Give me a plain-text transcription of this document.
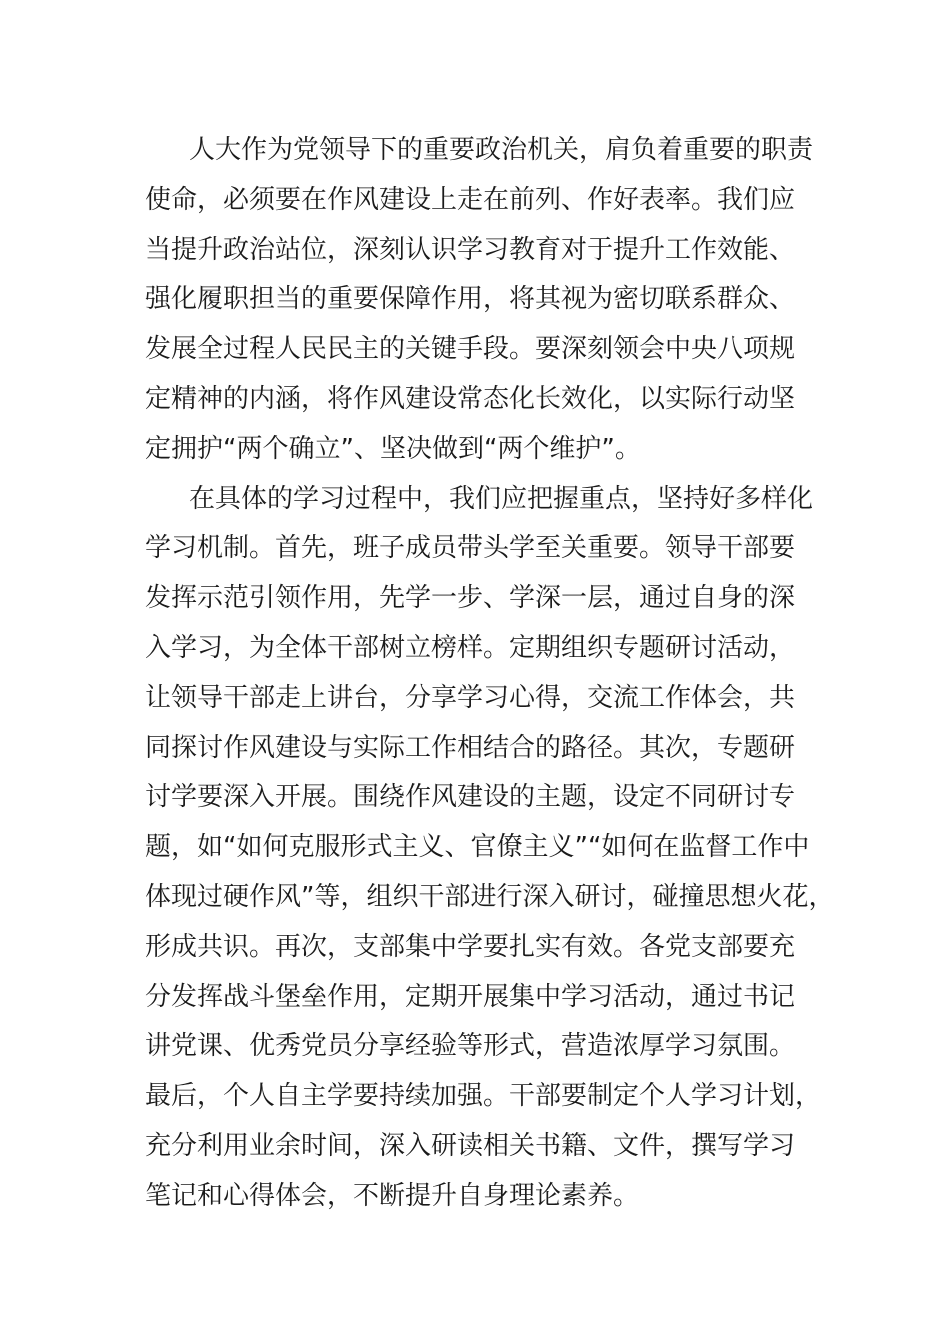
人大作为党领导下的重要政治机关，肩负着重要的职责
使命，必须要在作风建设上走在前列、作好表率。我们应
当提升政治站位，深刻认识学习教育对于提升工作效能、
强化履职担当的重要保障作用，将其视为密切联系群众、
发展全过程人民民主的关键手段。要深刻领会中央八项规
定精神的内涵，将作风建设常态化长效化，以实际行动坚
定拥护“两个确立”、坚决做到“两个维护”。
在具体的学习过程中，我们应把握重点，坚持好多样化
学习机制。首先，班子成员带头学至关重要。领导干部要
发挥示范引领作用，先学一步、学深一层，通过自身的深
入学习，为全体干部树立榜样。定期组织专题研讨活动，
让领导干部走上讲台，分享学习心得，交流工作体会，共
同探讨作风建设与实际工作相结合的路径。其次，专题研
讨学要深入开展。围绕作风建设的主题，设定不同研讨专
题，如“如何克服形式主义、官僚主义”“如何在监督工作中
体现过硬作风”等，组织干部进行深入研讨，碰撞思想火花，
形成共识。再次，支部集中学要扎实有效。各党支部要充
分发挥战斗堡垒作用，定期开展集中学习活动，通过书记
讲党课、优秀党员分享经验等形式，营造浓厚学习氛围。
最后，个人自主学要持续加强。干部要制定个人学习计划，
充分利用业余时间，深入研读相关书籍、文件，撰写学习
笔记和心得体会，不断提升自身理论素养。
